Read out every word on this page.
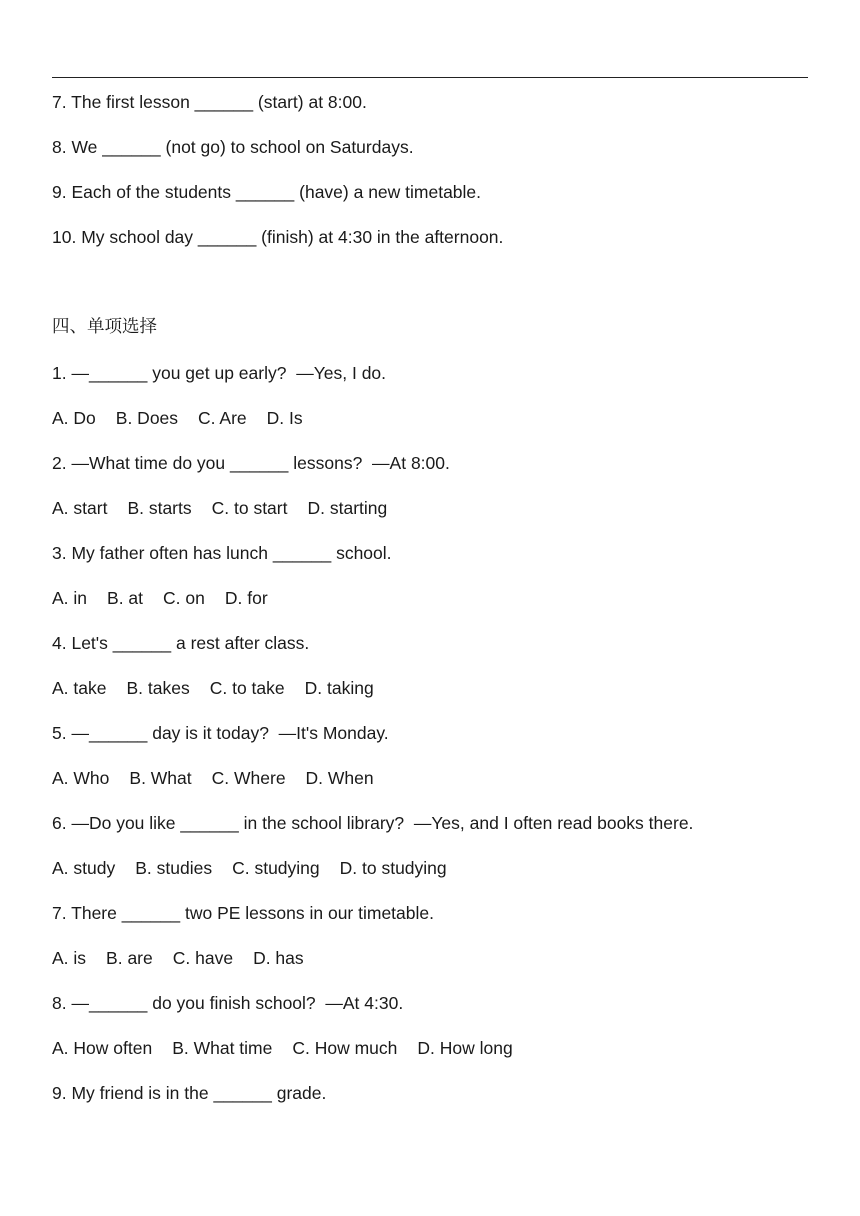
7. The first lesson ______ (start) at 8:00.
8. We ______ (not go) to school on Saturdays.
9. Each of the students ______ (have) a new timetable.
10. My school day ______ (finish) at 4:30 in the afternoon.
四、单项选择
1. —______ you get up early?  —Yes, I do.
A. Do B. Does C. Are D. Is
2. —What time do you ______ lessons?  —At 8:00.
A. start B. starts C. to start D. starting
3. My father often has lunch ______ school.
A. in B. at C. on D. for
4. Let's ______ a rest after class.
A. take B. takes C. to take D. taking
5. —______ day is it today?  —It's Monday.
A. Who B. What C. Where D. When
6. —Do you like ______ in the school library?  —Yes, and I often read books there.
A. study B. studies C. studying D. to studying
7. There ______ two PE lessons in our timetable.
A. is B. are C. have D. has
8. —______ do you finish school?  —At 4:30.
A. How often B. What time C. How much D. How long
9. My friend is in the ______ grade.
